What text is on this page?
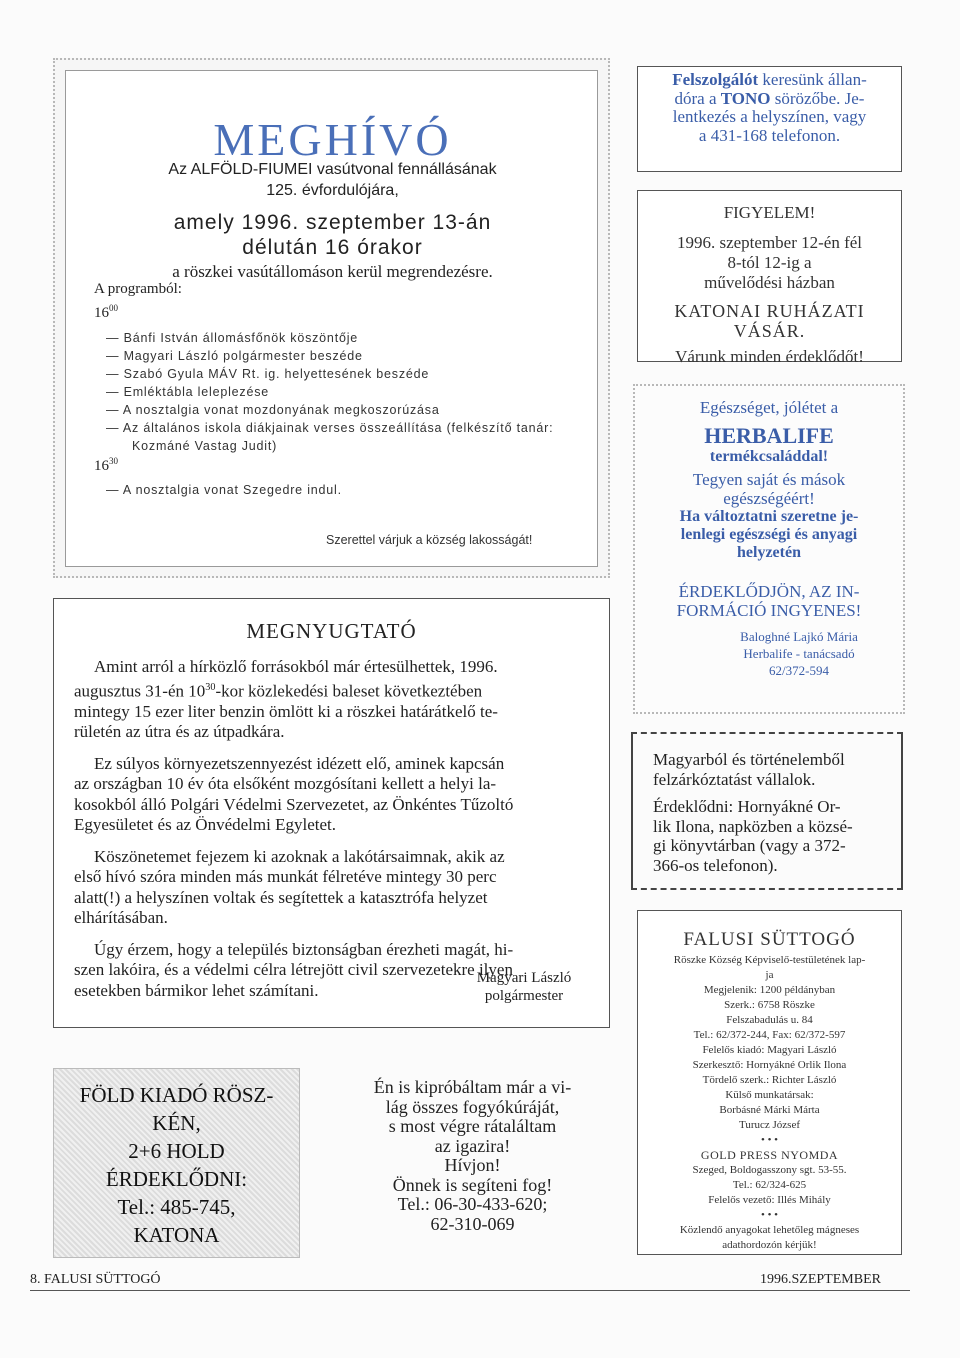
MEGHÍVÓ
Az ALFÖLD-FIUMEI vasútvonal fennállásának
125. évfordulójára,
amely 1996. szeptember 13-án
délután 16 órakor
a röszkei vasútállomáson kerül megrendezésre.
A programból:
$16^{00}$

— Bánfi István állomásfőnök köszöntője

— Magyari László polgármester beszéde

— Szabó Gyula MÁV Rt. ig. helyettesének beszéde

— Emléktábla leleplezése

— A nosztalgia vonat mozdonyának megkoszorúzása

— Az általános iskola diákjainak verses összeállítása (felkészítő tanár:

Kozmáné Vastag Judit)

$16^{30}$
— A nosztalgia vonat Szegedre indul.
Szerettel várjuk a község lakosságát!
MEGNYUGTATÓ

Amint arról a hírközlő forrásokból már értesülhettek, 1996.

augusztus 31-én $10^{30}$-kor közlekedési baleset következtében

mintegy 15 ezer liter benzin ömlött ki a röszkei határátkelő te-

rületén az útra és az útpadkára.

Ez súlyos környezetszennyezést idézett elő, aminek kapcsán

az országban 10 év óta elsőként mozgósítani kellett a helyi la-

kosokból álló Polgári Védelmi Szervezetet, az Önkéntes Tűzoltó

Egyesületet és az Önvédelmi Egyletet.

Köszönetemet fejezem ki azoknak a lakótársaimnak, akik az

első hívó szóra minden más munkát félretéve mintegy 30 perc

alatt(!) a helyszínen voltak és segítettek a katasztrófa helyzet

elhárításában.

Úgy érzem, hogy a település biztonságban érezheti magát, hi-

szen lakóira, és a védelmi célra létrejött civil szervezetekre ilyen

esetekben bármikor lehet számítani.

Magyari László
polgármester
FÖLD KIADÓ RÖSZ-
KÉN,
2+6 HOLD
ÉRDEKLŐDNI:
Tel.: 485-745,
KATONA
Én is kipróbáltam már a vi-
lág összes fogyókúráját,
s most végre rátaláltam
az igazira!
Hívjon!
Önnek is segíteni fog!
Tel.: 06-30-433-620;
62-310-069
Felszolgálót keresünk állan-
dóra a TONO sörözőbe. Je-
lentkezés a helyszínen, vagy
a 431-168 telefonon.
FIGYELEM!
1996. szeptember 12-én fél
8-tól 12-ig a
művelődési házban
KATONAI RUHÁZATI
VÁSÁR.
Várunk minden érdeklődőt!
Egészséget, jólétet a
HERBALIFE
termékcsaláddal!
Tegyen saját és mások
egészségéért!
Ha változtatni szeretne je-
lenlegi egészségi és anyagi
helyzetén
ÉRDEKLŐDJÖN, AZ IN-
FORMÁCIÓ INGYENES!
Baloghné Lajkó Mária
Herbalife - tanácsadó
62/372-594
Magyarból és történelemből
felzárkóztatást vállalok.
Érdeklődni: Hornyákné Or-
lik Ilona, napközben a közsé-
gi könyvtárban (vagy a 372-
366-os telefonon).
FALUSI SÜTTOGÓ
Röszke Község Képviselő-testületének lap-
ja
Megjelenik: 1200 példányban
Szerk.: 6758 Röszke
Felszabadulás u. 84
Tel.: 62/372-244, Fax: 62/372-597
Felelős kiadó: Magyari László
Szerkesztő: Hornyákné Orlik Ilona
Tördelő szerk.: Richter László
Külső munkatársak:
Borbásné Márki Márta
Turucz József
• • •
GOLD PRESS NYOMDA
Szeged, Boldogasszony sgt. 53-55.
Tel.: 62/324-625
Felelős vezető: Illés Mihály
• • •
Közlendő anyagokat lehetőleg mágneses
adathordozón kérjük!
8. FALUSI SÜTTOGÓ	1996.SZEPTEMBER
